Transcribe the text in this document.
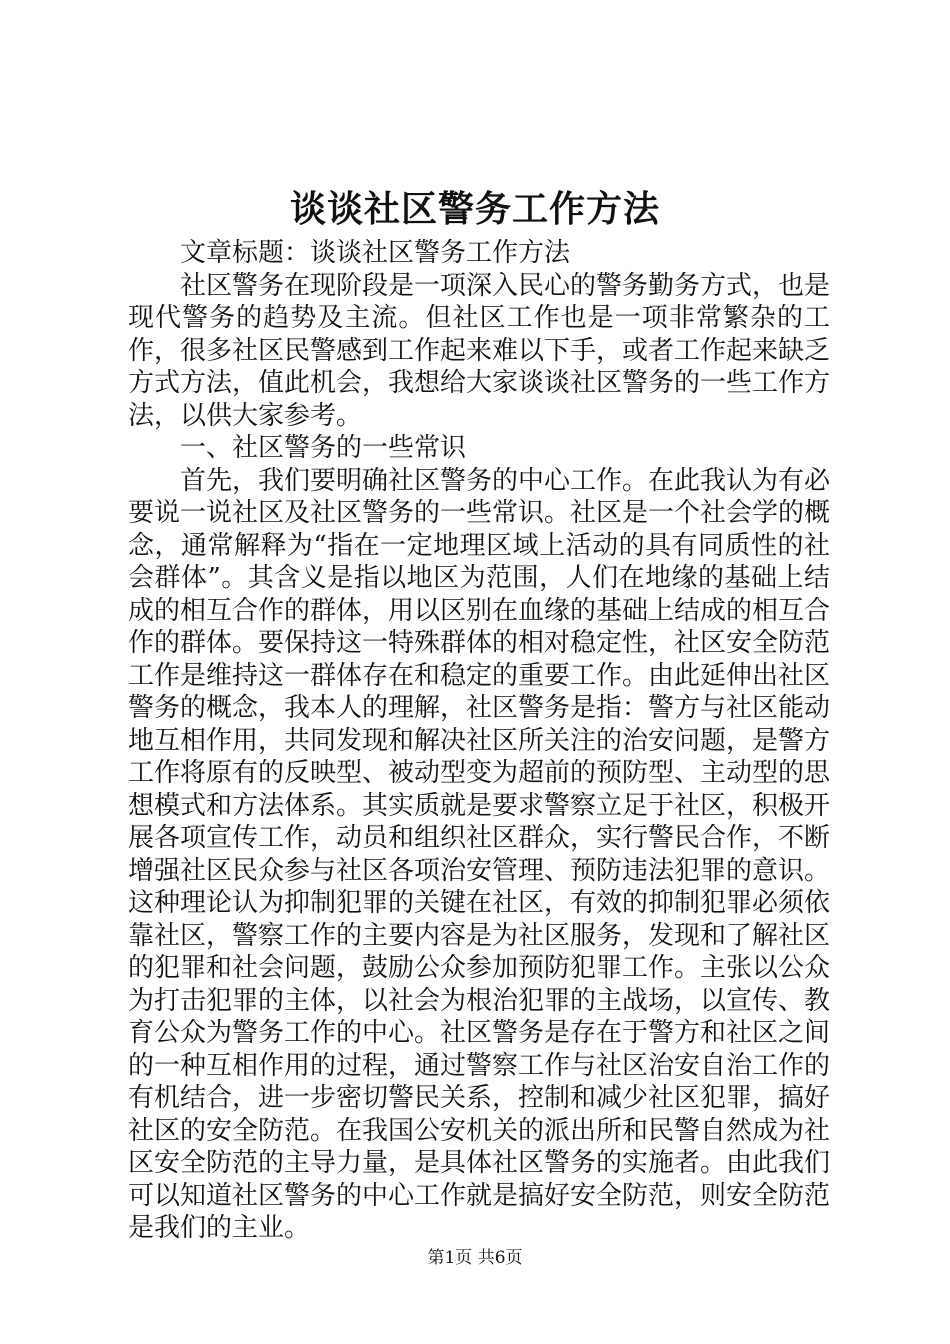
谈谈社区警务工作方法

文章标题：谈谈社区警务工作方法

社区警务在现阶段是一项深入民心的警务勤务方式，也是现代警务的趋势及主流。但社区工作也是一项非常繁杂的工作，很多社区民警感到工作起来难以下手，或者工作起来缺乏方式方法，值此机会，我想给大家谈谈社区警务的一些工作方法，以供大家参考。

一、社区警务的一些常识

首先，我们要明确社区警务的中心工作。在此我认为有必要说一说社区及社区警务的一些常识。社区是一个社会学的概念，通常解释为“指在一定地理区域上活动的具有同质性的社会群体”。其含义是指以地区为范围，人们在地缘的基础上结成的相互合作的群体，用以区别在血缘的基础上结成的相互合作的群体。要保持这一特殊群体的相对稳定性，社区安全防范工作是维持这一群体存在和稳定的重要工作。由此延伸出社区警务的概念，我本人的理解，社区警务是指：警方与社区能动地互相作用，共同发现和解决社区所关注的治安问题，是警方工作将原有的反映型、被动型变为超前的预防型、主动型的思想模式和方法体系。其实质就是要求警察立足于社区，积极开展各项宣传工作，动员和组织社区群众，实行警民合作，不断增强社区民众参与社区各项治安管理、预防违法犯罪的意识。这种理论认为抑制犯罪的关键在社区，有效的抑制犯罪必须依靠社区，警察工作的主要内容是为社区服务，发现和了解社区的犯罪和社会问题，鼓励公众参加预防犯罪工作。主张以公众为打击犯罪的主体，以社会为根治犯罪的主战场，以宣传、教育公众为警务工作的中心。社区警务是存在于警方和社区之间的一种互相作用的过程，通过警察工作与社区治安自治工作的有机结合，进一步密切警民关系，控制和减少社区犯罪，搞好社区的安全防范。在我国公安机关的派出所和民警自然成为社区安全防范的主导力量，是具体社区警务的实施者。由此我们可以知道社区警务的中心工作就是搞好安全防范，则安全防范是我们的主业。

第1页 共6页
